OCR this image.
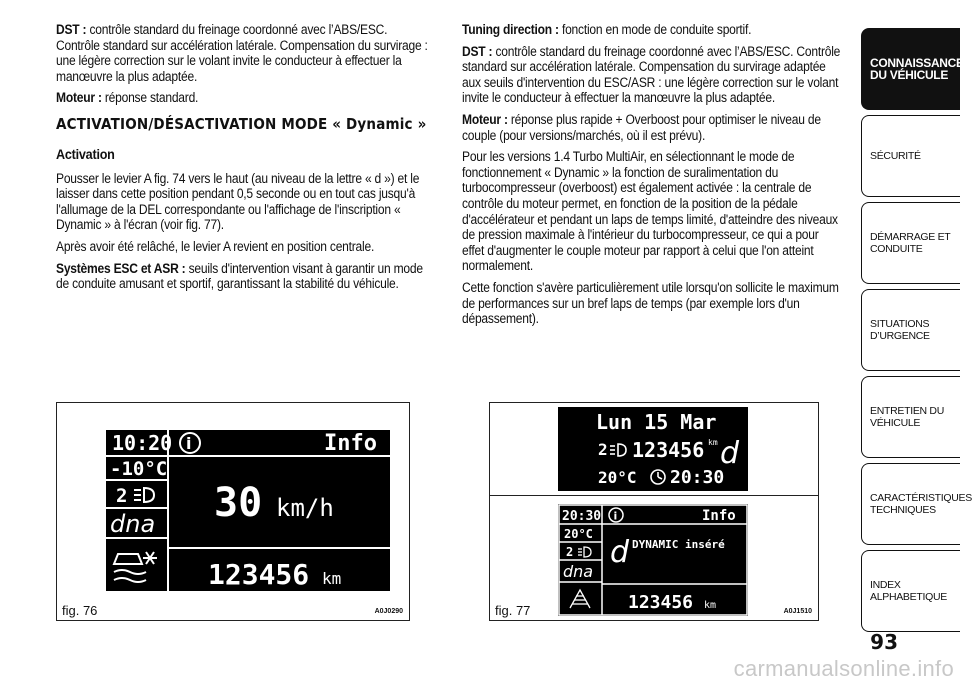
DST : contrôle standard du freinage coordonné avec l’ABS/ESC. Contrôle standard sur accélération latérale. Compensation du survirage : une légère correction sur le volant invite le conducteur à effectuer la manœuvre la plus adaptée.

Moteur : réponse standard.

ACTIVATION/DÉSACTIVATION MODE « Dynamic »
Activation

Pousser le levier A fig. 74 vers le haut (au niveau de la lettre « d ») et le laisser dans cette position pendant 0,5 seconde ou en tout cas jusqu'à l'allumage de la DEL correspondante ou l'affichage de l'inscription « Dynamic » à l'écran (voir fig. 77).

Après avoir été relâché, le levier A revient en position centrale.

Systèmes ESC et ASR : seuils d'intervention visant à garantir un mode de conduite amusant et sportif, garantissant la stabilité du véhicule.

Tuning direction : fonction en mode de conduite sportif.

DST : contrôle standard du freinage coordonné avec l’ABS/ESC. Contrôle standard sur accélération latérale. Compensation du survirage adaptée aux seuils d'intervention du ESC/ASR : une légère correction sur le volant invite le conducteur à effectuer la manœuvre la plus adaptée.

Moteur : réponse plus rapide + Overboost pour optimiser le niveau de couple (pour versions/marchés, où il est prévu).

Pour les versions 1.4 Turbo MultiAir, en sélectionnant le mode de fonctionnement « Dynamic » la fonction de suralimentation du turbocompresseur (overboost) est également activée : la centrale de contrôle du moteur permet, en fonction de la position de la pédale d'accélérateur et pendant un laps de temps limité, d'atteindre des niveaux de pression maximale à l'intérieur du turbocompresseur, ce qui a pour effet d'augmenter le couple moteur par rapport à celui que l'on atteint normalement.

Cette fonction s'avère particulièrement utile lorsqu'on sollicite le maximum de performances sur un bref laps de temps (par exemple lors d'un dépassement).

10:20 i	Info
-10°C
2
dna 30 km/h
123456 km
fig. 76	A0J0290
Lun 15 Mar
2 123456 km d
20°C 20:30
20:30 i	Info
20°C
2
dna
d DYNAMIC inséré
123456 km
fig. 77	A0J1510
CONNAISSANCE
DU VÉHICULE
SÉCURITÉ
DÉMARRAGE ET
CONDUITE
SITUATIONS
D’URGENCE
ENTRETIEN DU
VÉHICULE
CARACTÉRISTIQUES
TECHNIQUES
INDEX
ALPHABETIQUE
93
carmanualsonline.info
